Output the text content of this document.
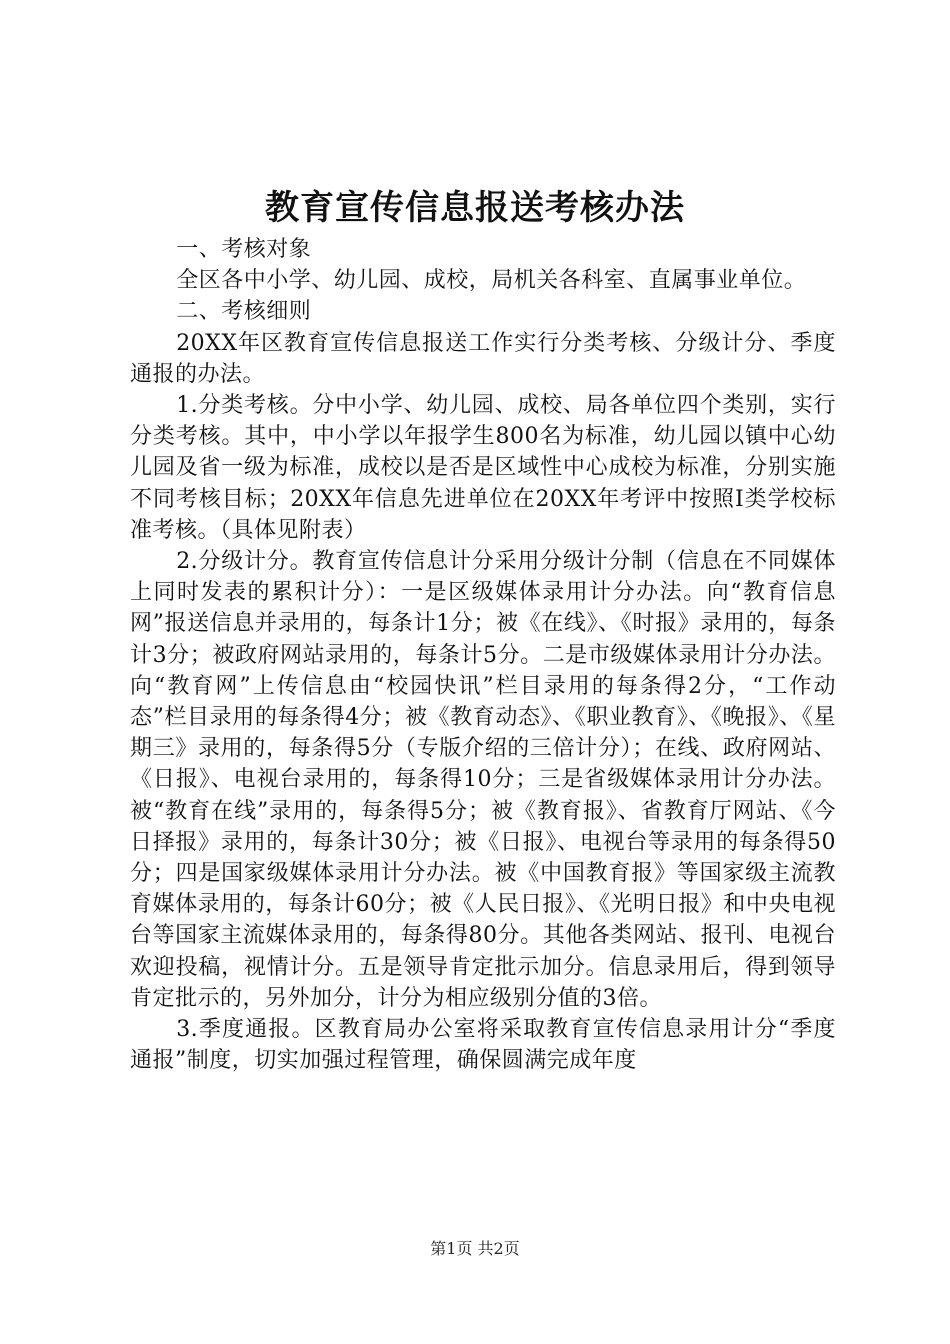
教育宣传信息报送考核办法

一、考核对象

全区各中小学、幼儿园、成校，局机关各科室、直属事业单位。

二、考核细则

20XX年区教育宣传信息报送工作实行分类考核、分级计分、季度通报的办法。

1.分类考核。分中小学、幼儿园、成校、局各单位四个类别，实行分类考核。其中，中小学以年报学生800名为标准，幼儿园以镇中心幼儿园及省一级为标准，成校以是否是区域性中心成校为标准，分别实施不同考核目标；20XX年信息先进单位在20XX年考评中按照Ⅰ类学校标准考核。（具体见附表）

2.分级计分。教育宣传信息计分采用分级计分制（信息在不同媒体上同时发表的累积计分）：一是区级媒体录用计分办法。向“教育信息网”报送信息并录用的，每条计1分；被《在线》、《时报》录用的，每条计3分；被政府网站录用的，每条计5分。二是市级媒体录用计分办法。向“教育网”上传信息由“校园快讯”栏目录用的每条得2分，“工作动态”栏目录用的每条得4分；被《教育动态》、《职业教育》、《晚报》、《星期三》录用的，每条得5分（专版介绍的三倍计分）；在线、政府网站、《日报》、电视台录用的，每条得10分；三是省级媒体录用计分办法。被“教育在线”录用的，每条得5分；被《教育报》、省教育厅网站、《今日择报》录用的，每条计30分；被《日报》、电视台等录用的每条得50分；四是国家级媒体录用计分办法。被《中国教育报》等国家级主流教育媒体录用的，每条计60分；被《人民日报》、《光明日报》和中央电视台等国家主流媒体录用的，每条得80分。其他各类网站、报刊、电视台欢迎投稿，视情计分。五是领导肯定批示加分。信息录用后，得到领导肯定批示的，另外加分，计分为相应级别分值的3倍。

3.季度通报。区教育局办公室将采取教育宣传信息录用计分“季度通报”制度，切实加强过程管理，确保圆满完成年度

第1页 共2页
